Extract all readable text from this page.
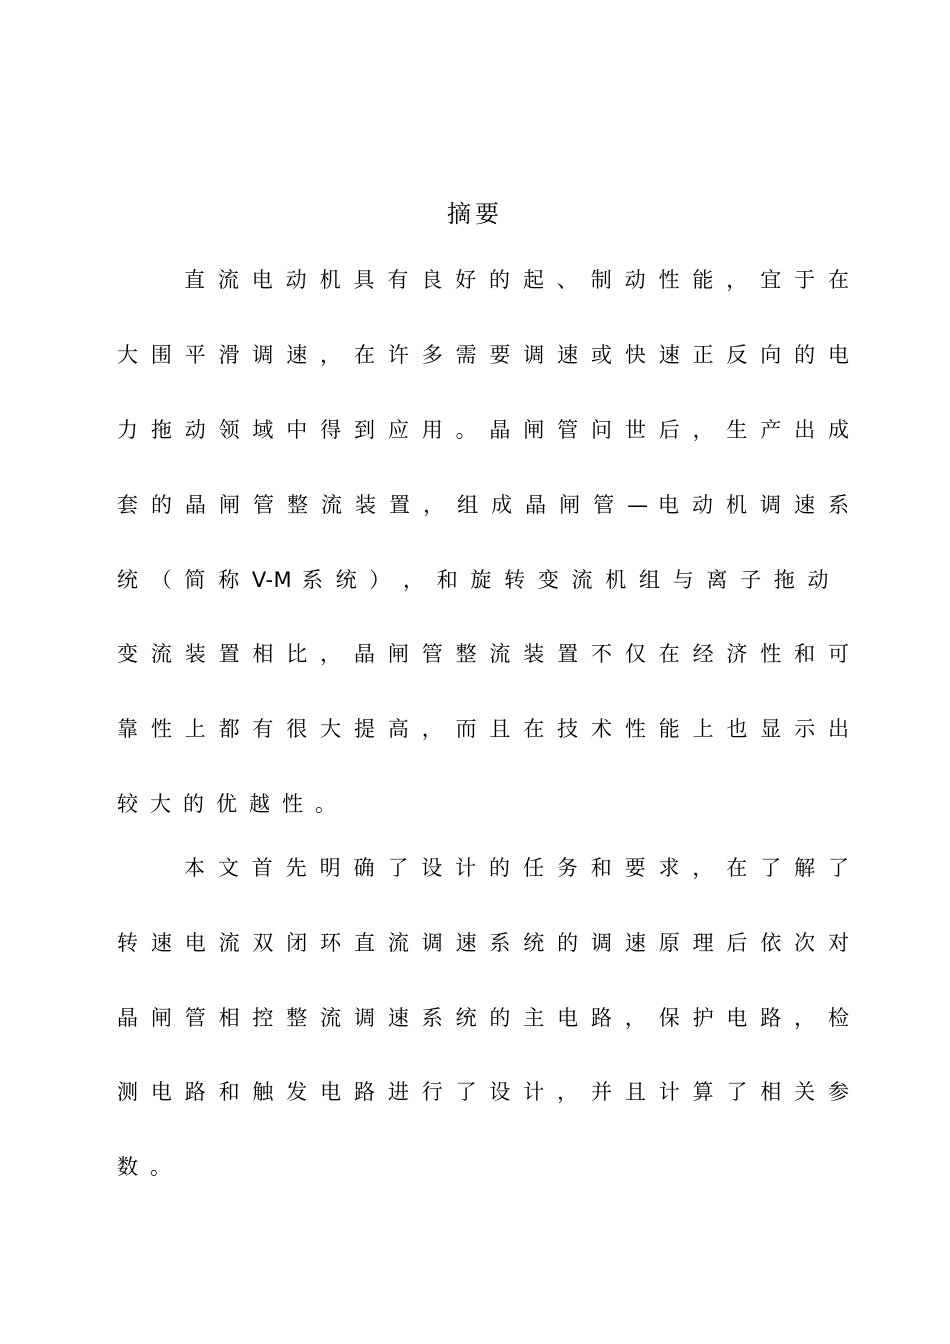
摘要
直 流 电 动 机 具 有 良 好 的 起 、 制 动 性 能 ， 宜 于 在
大 围 平 滑 调 速 ， 在 许 多 需 要 调 速 或 快 速 正 反 向 的 电
力 拖 动 领 域 中 得 到 应 用 。 晶 闸 管 问 世 后 ， 生 产 出 成
套 的 晶 闸 管 整 流 装 置 ， 组 成 晶 闸 管 — 电 动 机 调 速 系
统 （ 简 称 V-M 系 统 ） ， 和 旋 转 变 流 机 组 与 离 子 拖 动
变 流 装 置 相 比 ， 晶 闸 管 整 流 装 置 不 仅 在 经 济 性 和 可
靠 性 上 都 有 很 大 提 高 ， 而 且 在 技 术 性 能 上 也 显 示 出
较大的优越性。
本 文 首 先 明 确 了 设 计 的 任 务 和 要 求 ， 在 了 解 了
转 速 电 流 双 闭 环 直 流 调 速 系 统 的 调 速 原 理 后 依 次 对
晶 闸 管 相 控 整 流 调 速 系 统 的 主 电 路 ， 保 护 电 路 ， 检
测 电 路 和 触 发 电 路 进 行 了 设 计 ， 并 且 计 算 了 相 关 参
数。
